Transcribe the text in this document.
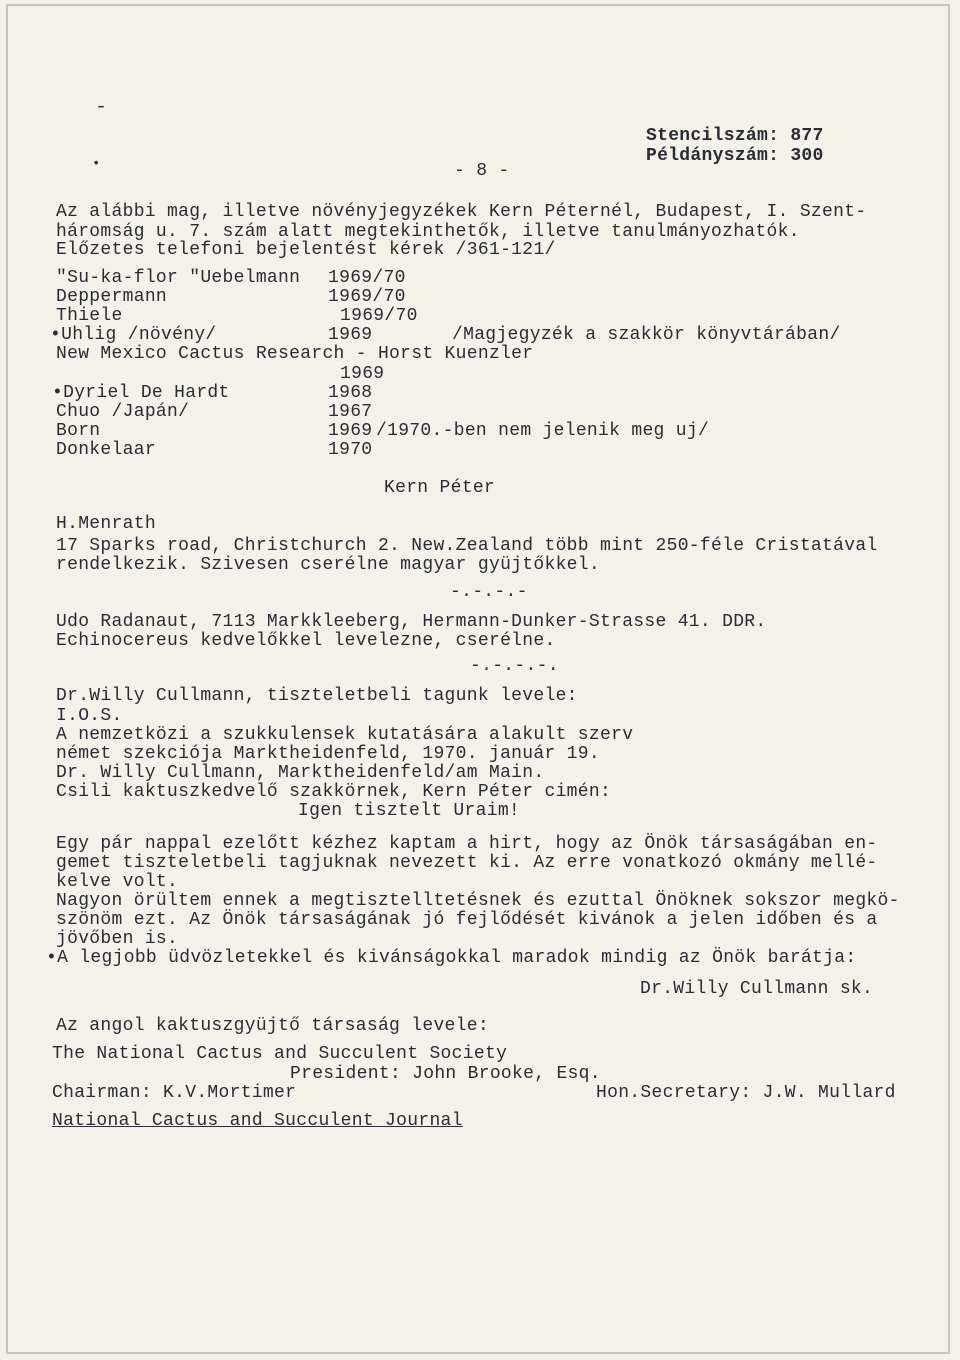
-
•
Stencilszám: 877
Példányszám: 300
- 8 -
Az alábbi mag, illetve növényjegyzékek Kern Péternél, Budapest, I. Szent-
háromság u. 7. szám alatt megtekinthetők, illetve tanulmányozhatók.
Előzetes telefoni bejelentést kérek /361-121/
"Su-ka-flor "Uebelmann 1969/70
Deppermann	1969/70
Thiele	1969/70
•Uhlig /növény/	1969	/Magjegyzék a szakkör könyvtárában/
New Mexico Cactus Research - Horst Kuenzler
1969
•Dyriel De Hardt	1968
Chuo /Japán/	1967
Born	1969 /1970.-ben nem jelenik meg uj/
Donkelaar	1970
Kern Péter
H.Menrath
17 Sparks road, Christchurch 2. New.Zealand több mint 250-féle Cristatával
rendelkezik. Szivesen cserélne magyar gyüjtőkkel.
-.-.-.-
Udo Radanaut, 7113 Markkleeberg, Hermann-Dunker-Strasse 41. DDR.
Echinocereus kedvelőkkel levelezne, cserélne.
-.-.-.-.
Dr.Willy Cullmann, tiszteletbeli tagunk levele:
I.O.S.
A nemzetközi a szukkulensek kutatására alakult szerv
német szekciója Marktheidenfeld, 1970. január 19.
Dr. Willy Cullmann, Marktheidenfeld/am Main.
Csili kaktuszkedvelő szakkörnek, Kern Péter cimén:
Igen tisztelt Uraim!
Egy pár nappal ezelőtt kézhez kaptam a hirt, hogy az Önök társaságában en-
gemet tiszteletbeli tagjuknak nevezett ki. Az erre vonatkozó okmány mellé-
kelve volt.
Nagyon örültem ennek a megtisztelltetésnek és ezuttal Önöknek sokszor megkö-
szönöm ezt. Az Önök társaságának jó fejlődését kivánok a jelen időben és a
jövőben is.
•A legjobb üdvözletekkel és kivánságokkal maradok mindig az Önök barátja:
Dr.Willy Cullmann sk.
Az angol kaktuszgyüjtő társaság levele:
The National Cactus and Succulent Society
President: John Brooke, Esq.
Chairman: K.V.Mortimer	Hon.Secretary: J.W. Mullard
National Cactus and Succulent Journal
